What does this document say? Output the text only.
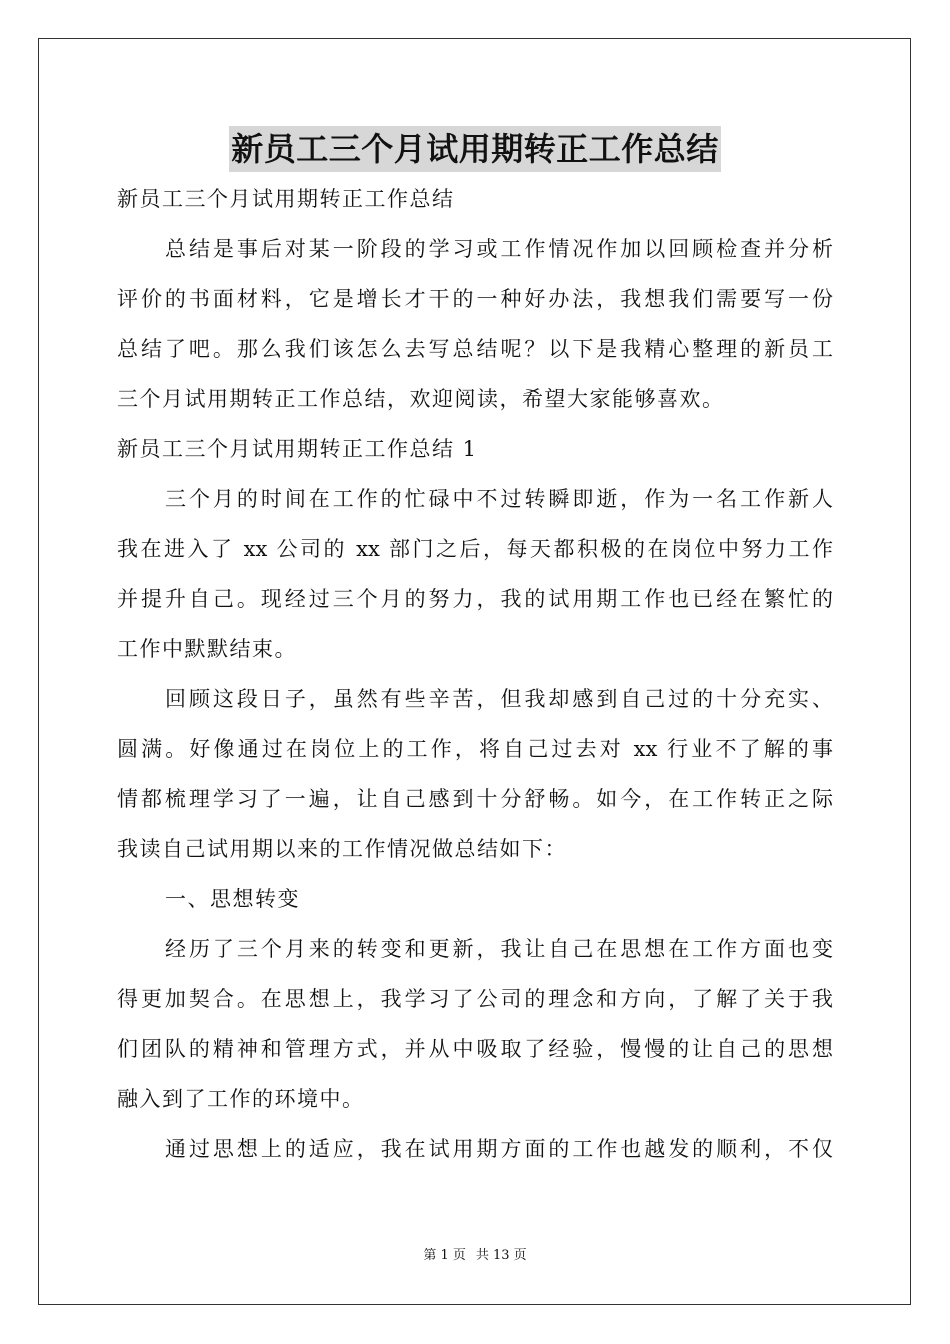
新员工三个月试用期转正工作总结
新员工三个月试用期转正工作总结
总结是事后对某一阶段的学习或工作情况作加以回顾检查并分析
评价的书面材料，它是增长才干的一种好办法，我想我们需要写一份
总结了吧。那么我们该怎么去写总结呢？以下是我精心整理的新员工
三个月试用期转正工作总结，欢迎阅读，希望大家能够喜欢。
新员工三个月试用期转正工作总结 1
三个月的时间在工作的忙碌中不过转瞬即逝，作为一名工作新人
我在进入了 xx 公司的 xx 部门之后，每天都积极的在岗位中努力工作
并提升自己。现经过三个月的努力，我的试用期工作也已经在繁忙的
工作中默默结束。
回顾这段日子，虽然有些辛苦，但我却感到自己过的十分充实、
圆满。好像通过在岗位上的工作，将自己过去对 xx 行业不了解的事
情都梳理学习了一遍，让自己感到十分舒畅。如今，在工作转正之际
我读自己试用期以来的工作情况做总结如下：
一、思想转变
经历了三个月来的转变和更新，我让自己在思想在工作方面也变
得更加契合。在思想上，我学习了公司的理念和方向，了解了关于我
们团队的精神和管理方式，并从中吸取了经验，慢慢的让自己的思想
融入到了工作的环境中。
通过思想上的适应，我在试用期方面的工作也越发的顺利，不仅
第 1 页 共 13 页
